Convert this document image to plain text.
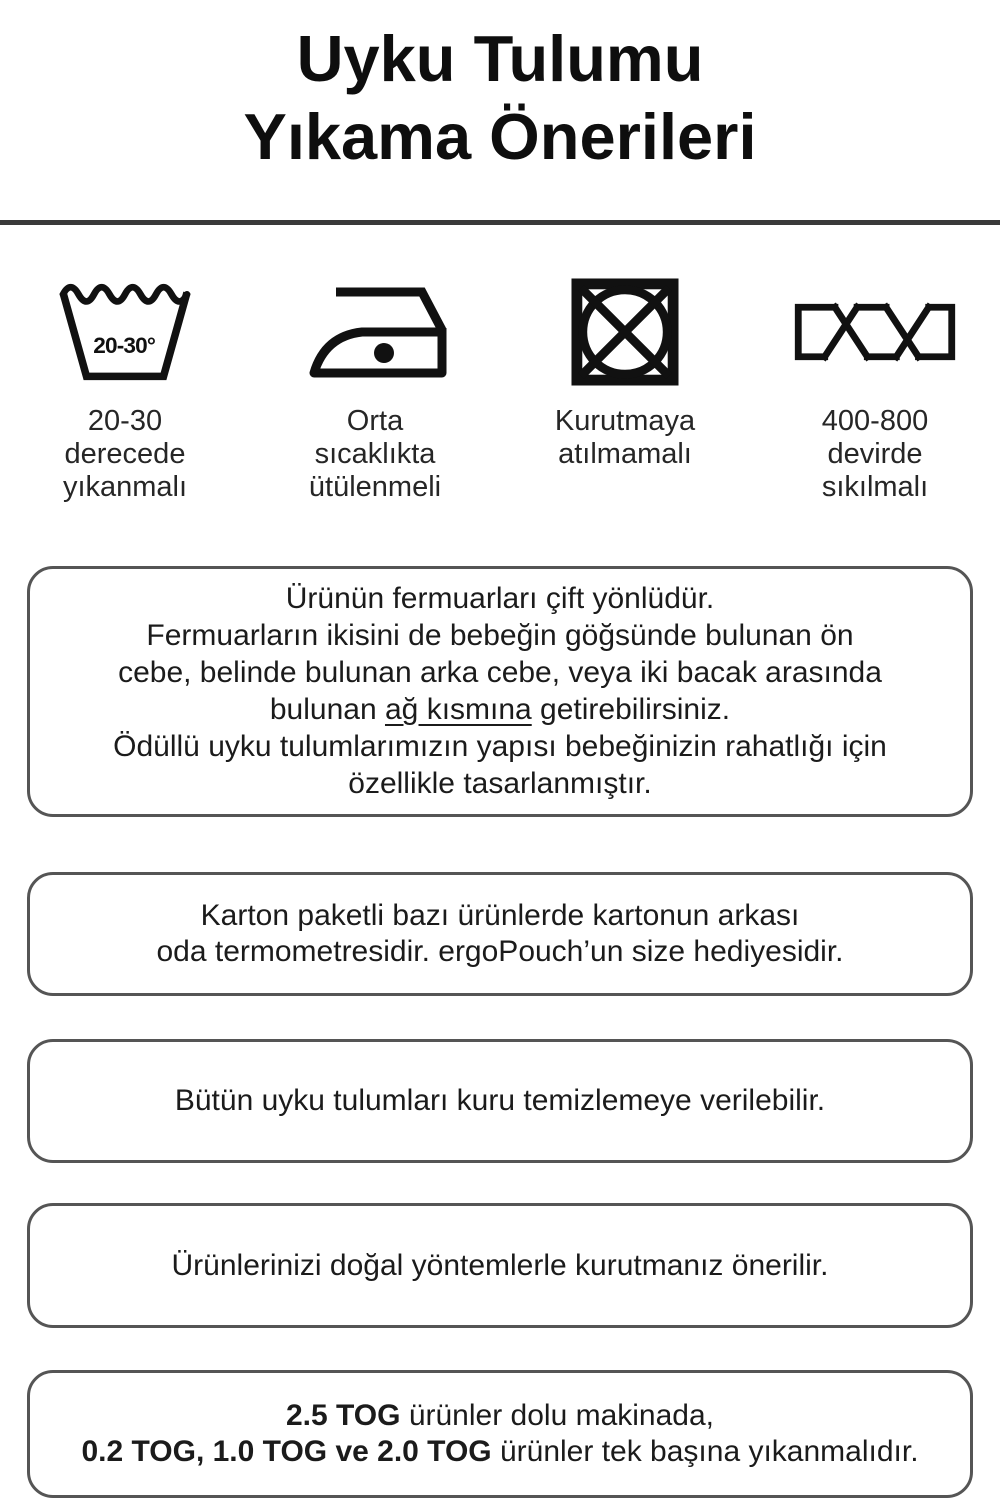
Uyku Tulumu
Yıkama Önerileri
20-30°
20-30
derecede
yıkanmalı
Orta
sıcaklıkta
ütülenmeli
Kurutmaya
atılmamalı
400-800
devirde
sıkılmalı
Ürünün fermuarları çift yönlüdür.
Fermuarların ikisini de bebeğin göğsünde bulunan ön
cebe, belinde bulunan arka cebe, veya iki bacak arasında
bulunan ağ kısmına getirebilirsiniz.
Ödüllü uyku tulumlarımızın yapısı bebeğinizin rahatlığı için
özellikle tasarlanmıştır.
Karton paketli bazı ürünlerde kartonun arkası
oda termometresidir. ergoPouch’un size hediyesidir.
Bütün uyku tulumları kuru temizlemeye verilebilir.
Ürünlerinizi doğal yöntemlerle kurutmanız önerilir.
2.5 TOG ürünler dolu makinada,
0.2 TOG, 1.0 TOG ve 2.0 TOG ürünler tek başına yıkanmalıdır.
